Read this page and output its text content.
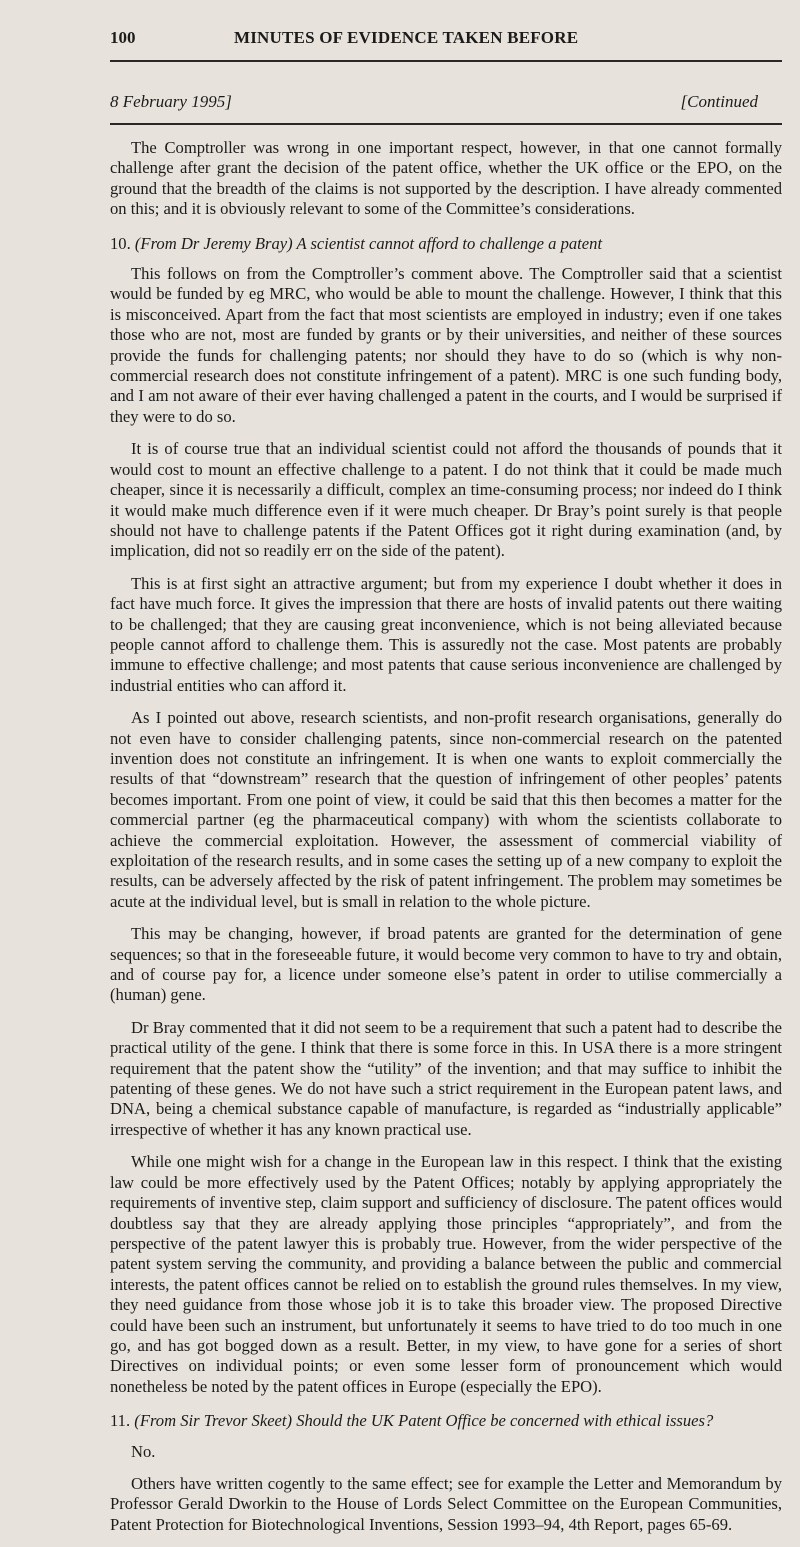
100	MINUTES OF EVIDENCE TAKEN BEFORE
8 February 1995]	[Continued

The Comptroller was wrong in one important respect, however, in that one cannot formally challenge after grant the decision of the patent office, whether the UK office or the EPO, on the ground that the breadth of the claims is not supported by the description. I have already commented on this; and it is obviously relevant to some of the Committee’s considerations.

10. (From Dr Jeremy Bray) A scientist cannot afford to challenge a patent

This follows on from the Comptroller’s comment above. The Comptroller said that a scientist would be funded by eg MRC, who would be able to mount the challenge. However, I think that this is misconceived. Apart from the fact that most scientists are employed in industry; even if one takes those who are not, most are funded by grants or by their universities, and neither of these sources provide the funds for challenging patents; nor should they have to do so (which is why non-commercial research does not constitute infringement of a patent). MRC is one such funding body, and I am not aware of their ever having challenged a patent in the courts, and I would be surprised if they were to do so.

It is of course true that an individual scientist could not afford the thousands of pounds that it would cost to mount an effective challenge to a patent. I do not think that it could be made much cheaper, since it is necessarily a difficult, complex an time-consuming process; nor indeed do I think it would make much difference even if it were much cheaper. Dr Bray’s point surely is that people should not have to challenge patents if the Patent Offices got it right during examination (and, by implication, did not so readily err on the side of the patent).

This is at first sight an attractive argument; but from my experience I doubt whether it does in fact have much force. It gives the impression that there are hosts of invalid patents out there waiting to be challenged; that they are causing great inconvenience, which is not being alleviated because people cannot afford to challenge them. This is assuredly not the case. Most patents are probably immune to effective challenge; and most patents that cause serious inconvenience are challenged by industrial entities who can afford it.

As I pointed out above, research scientists, and non-profit research organisations, generally do not even have to consider challenging patents, since non-commercial research on the patented invention does not constitute an infringement. It is when one wants to exploit commercially the results of that “downstream” research that the question of infringement of other peoples’ patents becomes important. From one point of view, it could be said that this then becomes a matter for the commercial partner (eg the pharmaceutical company) with whom the scientists collaborate to achieve the commercial exploitation. However, the assessment of commercial viability of exploitation of the research results, and in some cases the setting up of a new company to exploit the results, can be adversely affected by the risk of patent infringement. The problem may sometimes be acute at the individual level, but is small in relation to the whole picture.

This may be changing, however, if broad patents are granted for the determination of gene sequences; so that in the foreseeable future, it would become very common to have to try and obtain, and of course pay for, a licence under someone else’s patent in order to utilise commercially a (human) gene.

Dr Bray commented that it did not seem to be a requirement that such a patent had to describe the practical utility of the gene. I think that there is some force in this. In USA there is a more stringent requirement that the patent show the “utility” of the invention; and that may suffice to inhibit the patenting of these genes. We do not have such a strict requirement in the European patent laws, and DNA, being a chemical substance capable of manufacture, is regarded as “industrially applicable” irrespective of whether it has any known practical use.

While one might wish for a change in the European law in this respect. I think that the existing law could be more effectively used by the Patent Offices; notably by applying appropriately the requirements of inventive step, claim support and sufficiency of disclosure. The patent offices would doubtless say that they are already applying those principles “appropriately”, and from the perspective of the patent lawyer this is probably true. However, from the wider perspective of the patent system serving the community, and providing a balance between the public and commercial interests, the patent offices cannot be relied on to establish the ground rules themselves. In my view, they need guidance from those whose job it is to take this broader view. The proposed Directive could have been such an instrument, but unfortunately it seems to have tried to do too much in one go, and has got bogged down as a result. Better, in my view, to have gone for a series of short Directives on individual points; or even some lesser form of pronouncement which would nonetheless be noted by the patent offices in Europe (especially the EPO).

11. (From Sir Trevor Skeet) Should the UK Patent Office be concerned with ethical issues?

No.

Others have written cogently to the same effect; see for example the Letter and Memorandum by Professor Gerald Dworkin to the House of Lords Select Committee on the European Communities, Patent Protection for Biotechnological Inventions, Session 1993–94, 4th Report, pages 65-69.
